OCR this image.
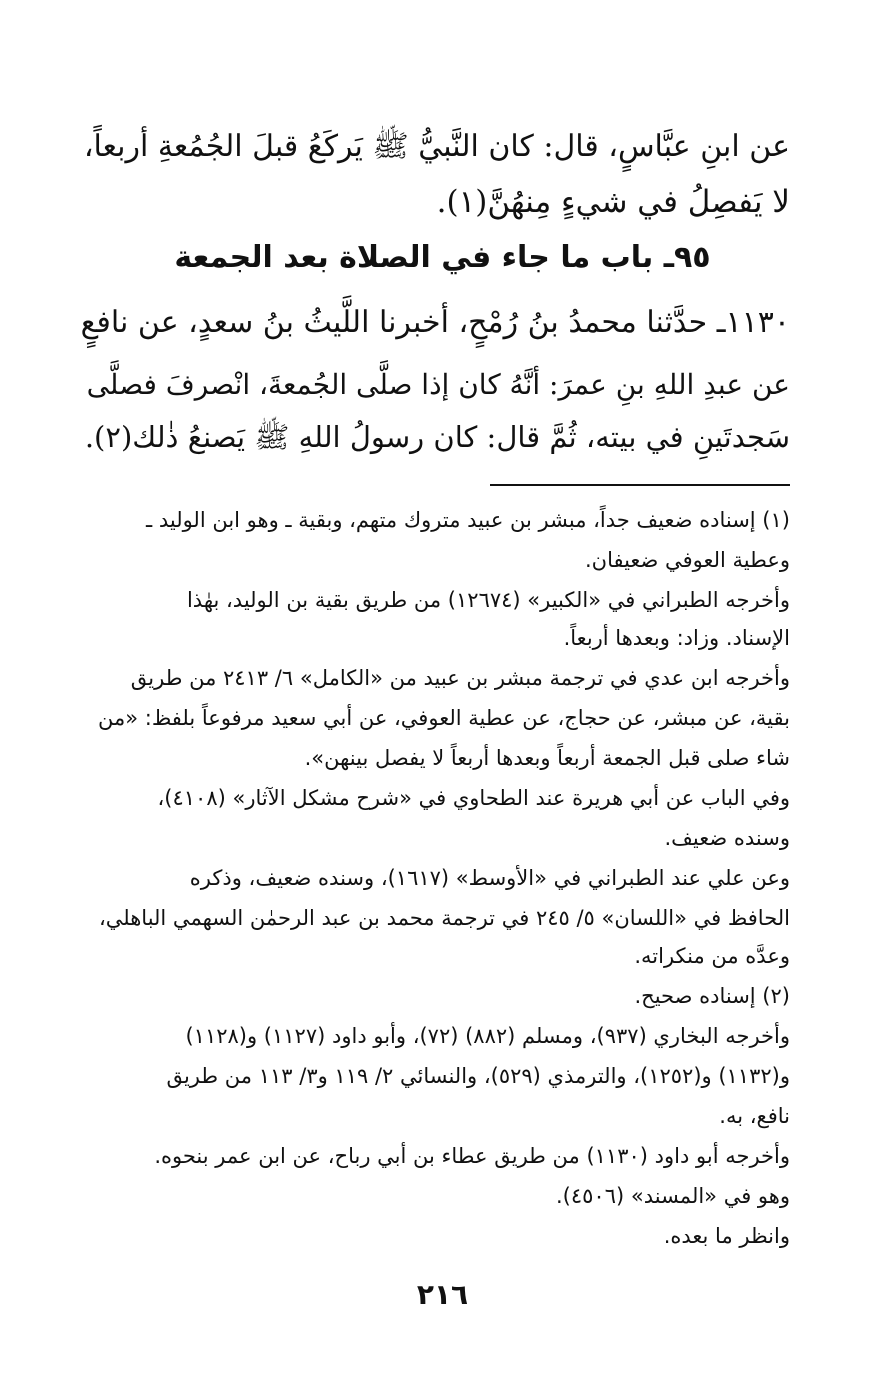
عن ابنِ عبَّاسٍ، قال: كان النَّبيُّ ﷺ يَركَعُ قبلَ الجُمُعةِ أربعاً،
لا يَفصِلُ في شيءٍ مِنهُنَّ(١).
٩٥ـ باب ما جاء في الصلاة بعد الجمعة
١١٣٠ـ حدَّثنا محمدُ بنُ رُمْحٍ، أخبرنا اللَّيثُ بنُ سعدٍ، عن نافعٍ
عن عبدِ اللهِ بنِ عمرَ: أنَّهُ كان إذا صلَّى الجُمعةَ، انْصرفَ فصلَّى
سَجدتَينِ في بيته، ثُمَّ قال: كان رسولُ اللهِ ﷺ يَصنعُ ذٰلك(٢).
(١) إسناده ضعيف جداً، مبشر بن عبيد متروك متهم، وبقية ـ وهو ابن الوليد ـ
وعطية العوفي ضعيفان.
وأخرجه الطبراني في «الكبير» (١٢٦٧٤) من طريق بقية بن الوليد، بهٰذا
الإسناد. وزاد: وبعدها أربعاً.
وأخرجه ابن عدي في ترجمة مبشر بن عبيد من «الكامل» ٦/ ٢٤١٣ من طريق
بقية، عن مبشر، عن حجاج، عن عطية العوفي، عن أبي سعيد مرفوعاً بلفظ: «من
شاء صلى قبل الجمعة أربعاً وبعدها أربعاً لا يفصل بينهن».
وفي الباب عن أبي هريرة عند الطحاوي في «شرح مشكل الآثار» (٤١٠٨)،
وسنده ضعيف.
وعن علي عند الطبراني في «الأوسط» (١٦١٧)، وسنده ضعيف، وذكره
الحافظ في «اللسان» ٥/ ٢٤٥ في ترجمة محمد بن عبد الرحمٰن السهمي الباهلي،
وعدَّه من منكراته.
(٢) إسناده صحيح.
وأخرجه البخاري (٩٣٧)، ومسلم (٨٨٢) (٧٢)، وأبو داود (١١٢٧) و(١١٢٨)
و(١١٣٢) و(١٢٥٢)، والترمذي (٥٢٩)، والنسائي ٢/ ١١٩ و٣/ ١١٣ من طريق
نافع، به.
وأخرجه أبو داود (١١٣٠) من طريق عطاء بن أبي رباح، عن ابن عمر بنحوه.
وهو في «المسند» (٤٥٠٦).
وانظر ما بعده.
٢١٦
